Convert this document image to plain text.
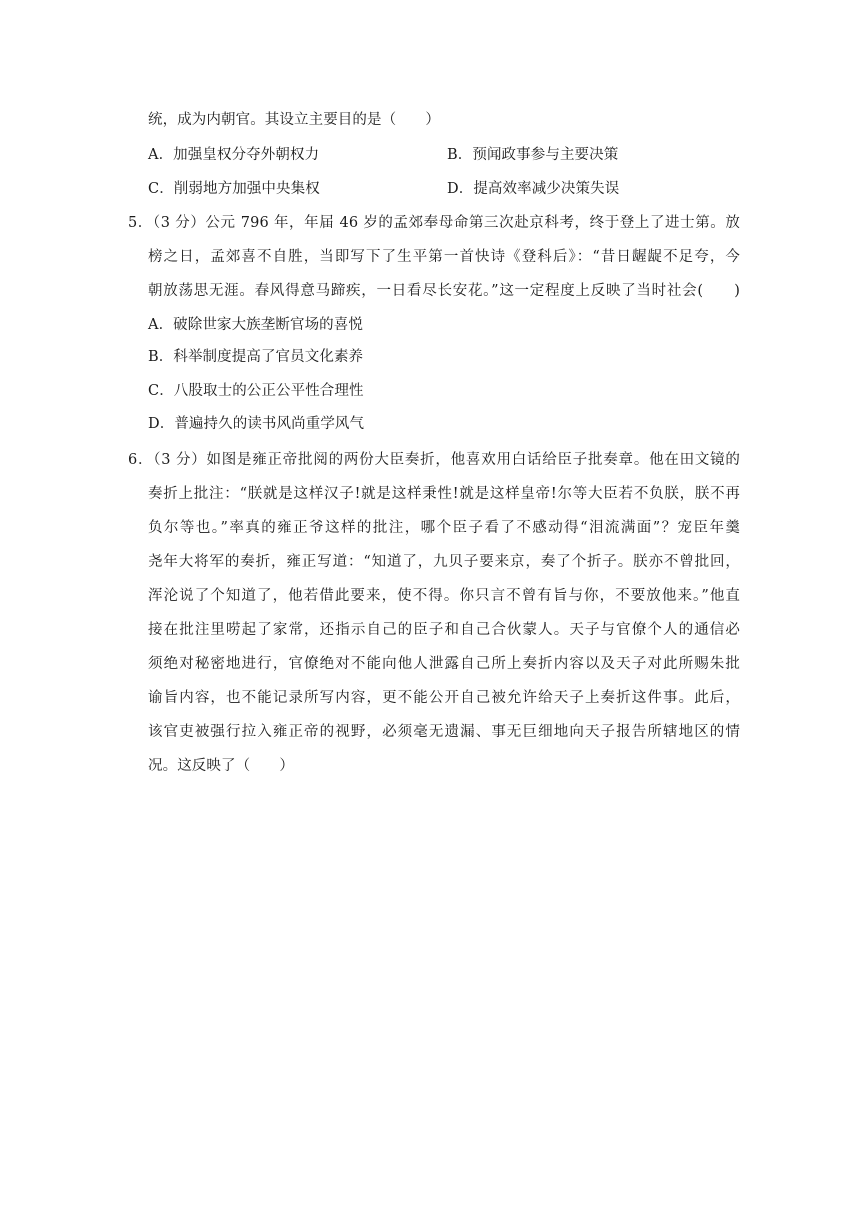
统，成为内朝官。其设立主要目的是（　　）
A．加强皇权分夺外朝权力	B．预闻政事参与主要决策
C．削弱地方加强中央集权	D．提高效率减少决策失误
5．（3 分）公元 796 年，年届 46 岁的孟郊奉母命第三次赴京科考，终于登上了进士第。放
榜之日，孟郊喜不自胜，当即写下了生平第一首快诗《登科后》：“昔日龌龊不足夸，今
朝放荡思无涯。春风得意马蹄疾，一日看尽长安花。”这一定程度上反映了当时社会(　　)
A．破除世家大族垄断官场的喜悦
B．科举制度提高了官员文化素养
C．八股取士的公正公平性合理性
D．普遍持久的读书风尚重学风气
6．（3 分）如图是雍正帝批阅的两份大臣奏折，他喜欢用白话给臣子批奏章。他在田文镜的
奏折上批注：“朕就是这样汉子!就是这样秉性!就是这样皇帝!尔等大臣若不负朕，朕不再
负尔等也。”率真的雍正爷这样的批注，哪个臣子看了不感动得“泪流满面”？宠臣年羹
尧年大将军的奏折，雍正写道：“知道了，九贝子要来京，奏了个折子。朕亦不曾批回，
浑沦说了个知道了，他若借此要来，使不得。你只言不曾有旨与你，不要放他来。”他直
接在批注里唠起了家常，还指示自己的臣子和自己合伙蒙人。天子与官僚个人的通信必
须绝对秘密地进行，官僚绝对不能向他人泄露自己所上奏折内容以及天子对此所赐朱批
谕旨内容，也不能记录所写内容，更不能公开自己被允许给天子上奏折这件事。此后，
该官吏被强行拉入雍正帝的视野，必须毫无遗漏、事无巨细地向天子报告所辖地区的情
况。这反映了（　　）
